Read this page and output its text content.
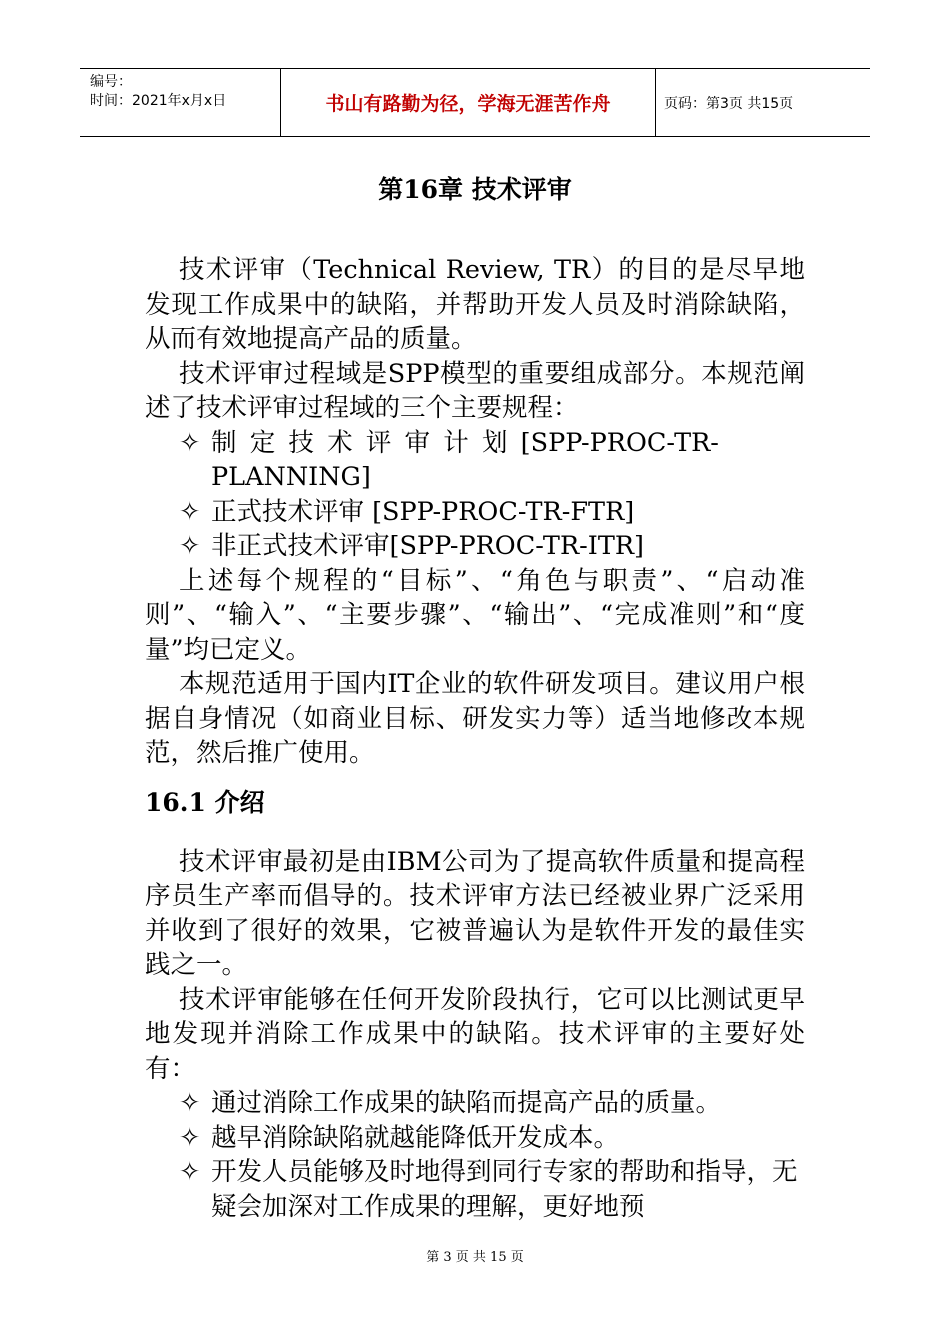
编号：
时间：2021年x月x日	书山有路勤为径，学海无涯苦作舟	页码：第3页 共15页
第16章 技术评审

技术评审（Technical Review, TR）的目的是尽早地发现工作成果中的缺陷，并帮助开发人员及时消除缺陷，从而有效地提高产品的质量。

技术评审过程域是SPP模型的重要组成部分。本规范阐述了技术评审过程域的三个主要规程：

✧ 制 定 技 术 评 审 计 划 [SPP-PROC-TR-PLANNING]
✧ 正式技术评审 [SPP-PROC-TR-FTR]
✧ 非正式技术评审[SPP-PROC-TR-ITR]

上述每个规程的“目标”、“角色与职责”、“启动准则”、“输入”、“主要步骤”、“输出”、“完成准则”和“度量”均已定义。

本规范适用于国内IT企业的软件研发项目。建议用户根据自身情况（如商业目标、研发实力等）适当地修改本规范，然后推广使用。

16.1 介绍

技术评审最初是由IBM公司为了提高软件质量和提高程序员生产率而倡导的。技术评审方法已经被业界广泛采用并收到了很好的效果，它被普遍认为是软件开发的最佳实践之一。

技术评审能够在任何开发阶段执行，它可以比测试更早地发现并消除工作成果中的缺陷。技术评审的主要好处有：

✧ 通过消除工作成果的缺陷而提高产品的质量。
✧ 越早消除缺陷就越能降低开发成本。
✧ 开发人员能够及时地得到同行专家的帮助和指导，无疑会加深对工作成果的理解，更好地预
第 3 页 共 15 页
